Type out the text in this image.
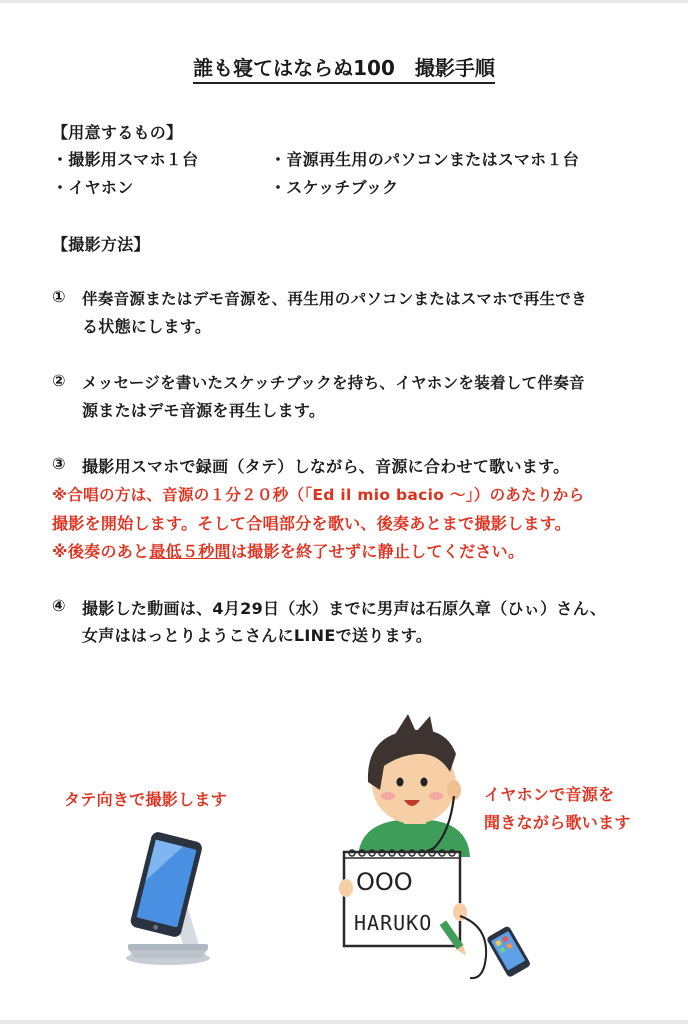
誰も寝てはならぬ100　撮影手順
【用意するもの】
・撮影用スマホ１台	・音源再生用のパソコンまたはスマホ１台
・イヤホン	・スケッチブック
【撮影方法】
① 伴奏音源またはデモ音源を、再生用のパソコンまたはスマホで再生でき
る状態にします。
② メッセージを書いたスケッチブックを持ち、イヤホンを装着して伴奏音
源またはデモ音源を再生します。
③ 撮影用スマホで録画（タテ）しながら、音源に合わせて歌います。
※合唱の方は、音源の１分２０秒（「Ed il mio bacio ～」）のあたりから
撮影を開始します。そして合唱部分を歌い、後奏あとまで撮影します。
※後奏のあと最低５秒間は撮影を終了せずに静止してください。
④ 撮影した動画は、4月29日（水）までに男声は石原久章（ひぃ）さん、
女声ははっとりようこさんにLINEで送ります。
タテ向きで撮影します	イヤホンで音源を
聞きながら歌います
OOO
HARUKO
